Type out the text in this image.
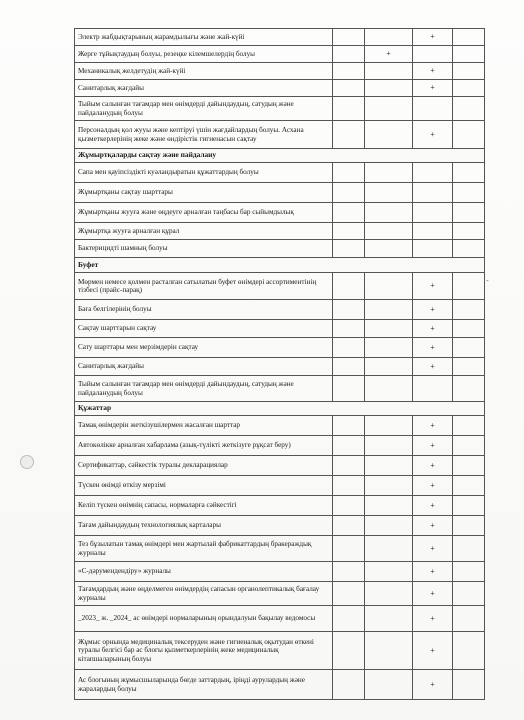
-
Электр жабдықтарының жарамдылығы және жай-күйі			+		
Жерге тұйықтаудың болуы, резеңке кілемшелердің болуы		+			
Механикалық желдетудің жай-күйі			+		
Санитарлық жағдайы			+		
Тыйым салынған тағамдар мен өнімдерді дайындаудың, сатудың және пайдаланудың болуы					
Персоналдың қол жууы және кептіруі үшін жағдайлардың болуы. Асхана қызметкерлерінің жеке және өндірістік гигиенасын сақтау			+		
Жұмыртқаларды сақтау және пайдалану					
Сапа мен қауіпсіздікті куәландыратын құжаттардың болуы					
Жұмыртқаны сақтау шарттары					
Жұмыртқаны жууға және өңдеуге арналған таңбасы бар сыйымдылық					
Жұмыртқа жууға арналған құрал					
Бактерицидті шамның болуы					
Буфет					
Мөрмен немесе қолмен расталған сатылатын буфет өнімдері ассортиментінің тізбесі (прайс-парақ)			+		
Баға белгілерінің болуы			+		
Сақтау шарттарын сақтау			+		
Сату шарттары мен мерзімдерін сақтау			+		
Санитарлық жағдайы			+		
Тыйым салынған тағамдар мен өнімдерді дайындаудың, сатудың және пайдаланудың болуы					
Құжаттар					
Тамақ өнімдерін жеткізушілермен жасалған шарттар			+		
Автокөлікке арналған хабарлама (азық-түлікті жеткізуге рұқсат беру)			+		
Сертификаттар, сәйкестік туралы декларациялар			+		
Түскен өнімді өткізу мерзімі			+		
Келіп түскен өнімнің сапасы, нормаларға сәйкестігі			+		
Тағам дайындаудың технологиялық карталары			+		
Тез бұзылатын тамақ өнімдері мен жартылай фабрикаттардың бракераждық журналы			+		
«С-дәрумендендіру» журналы			+		
Тағамдардың және өңделмеген өнімдердің сапасын органолептикалық бағалау журналы			+		
_2023_ ж. _2024_ ас өнімдері нормаларының орындалуын бақылау ведомосы			+		
Жұмыс орнында медициналық тексеруден және гигиеналық оқытудан өткені туралы белгісі бар ас блогы қызметкерлерінің жеке медициналық кітапшаларының болуы			+		
Ас блогының жұмысшыларында бөгде заттардың, іріңді аурулардың және жаралардың болуы			+		
